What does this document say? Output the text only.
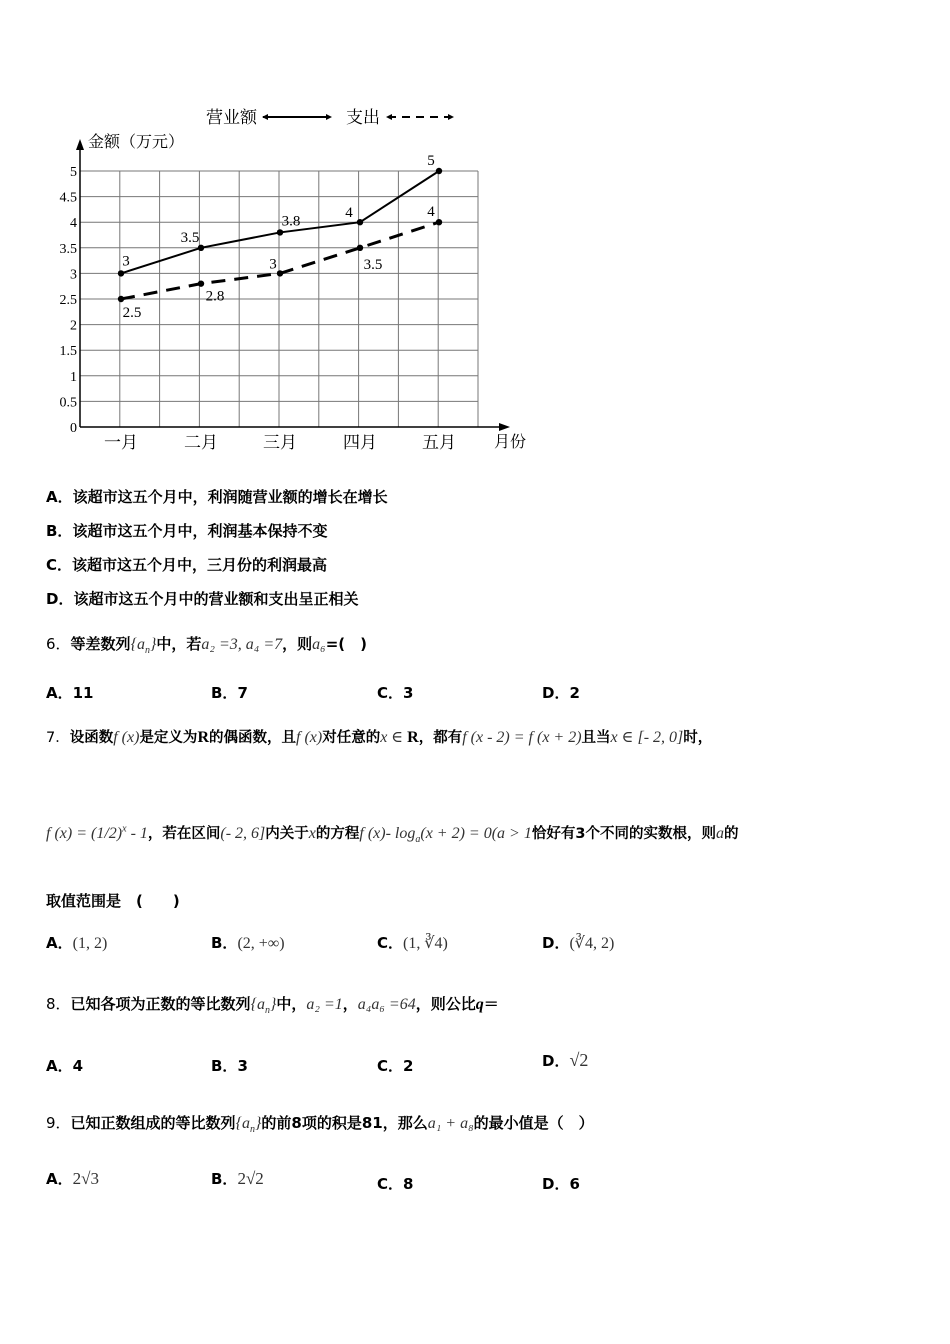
营业额	支出
金额（万元）
月份
0
0.5
1
1.5
2
2.5
3
3.5
4
4.5
5
一月	二月	三月	四月	五月
3
3.5
3.8
4
5
2.5
2.8
3	3.5
4
A．该超市这五个月中，利润随营业额的增长在增长
B．该超市这五个月中，利润基本保持不变
C．该超市这五个月中，三月份的利润最高
D．该超市这五个月中的营业额和支出呈正相关
6．等差数列$\{a_n\}$中，若a₂ =3, a₄ =7，则a₆=(　)
A．11	B．7	C．3	D．2
7．设函数f (x)是定义为R的偶函数，且f (x)对任意的x ∈ R，都有f (x - 2) = f (x + 2)且当x ∈ [- 2, 0]时，
f $(x) = (1/2)^x - 1$，若在区间(- 2, 6]内关于x的方程f (x)- $\log_a(x + 2) = 0(a > 1$恰好有3个不同的实数根，则a的
取值范围是　(　　)
A．(1, 2)	B．(2, +∞)	C．(1, ∛4)	D．(∛4, 2)
8．已知各项为正数的等比数列$\{a_n\}$中，a₂ =1，a₄a₆ =64，则公比q＝
A．4	B．3	C．2	D．√2
9．已知正数组成的等比数列$\{a_n\}$的前8项的积是81，那么a₁ + a₈的最小值是（　）
A．2√3	B．2√2	C．8	D．6
